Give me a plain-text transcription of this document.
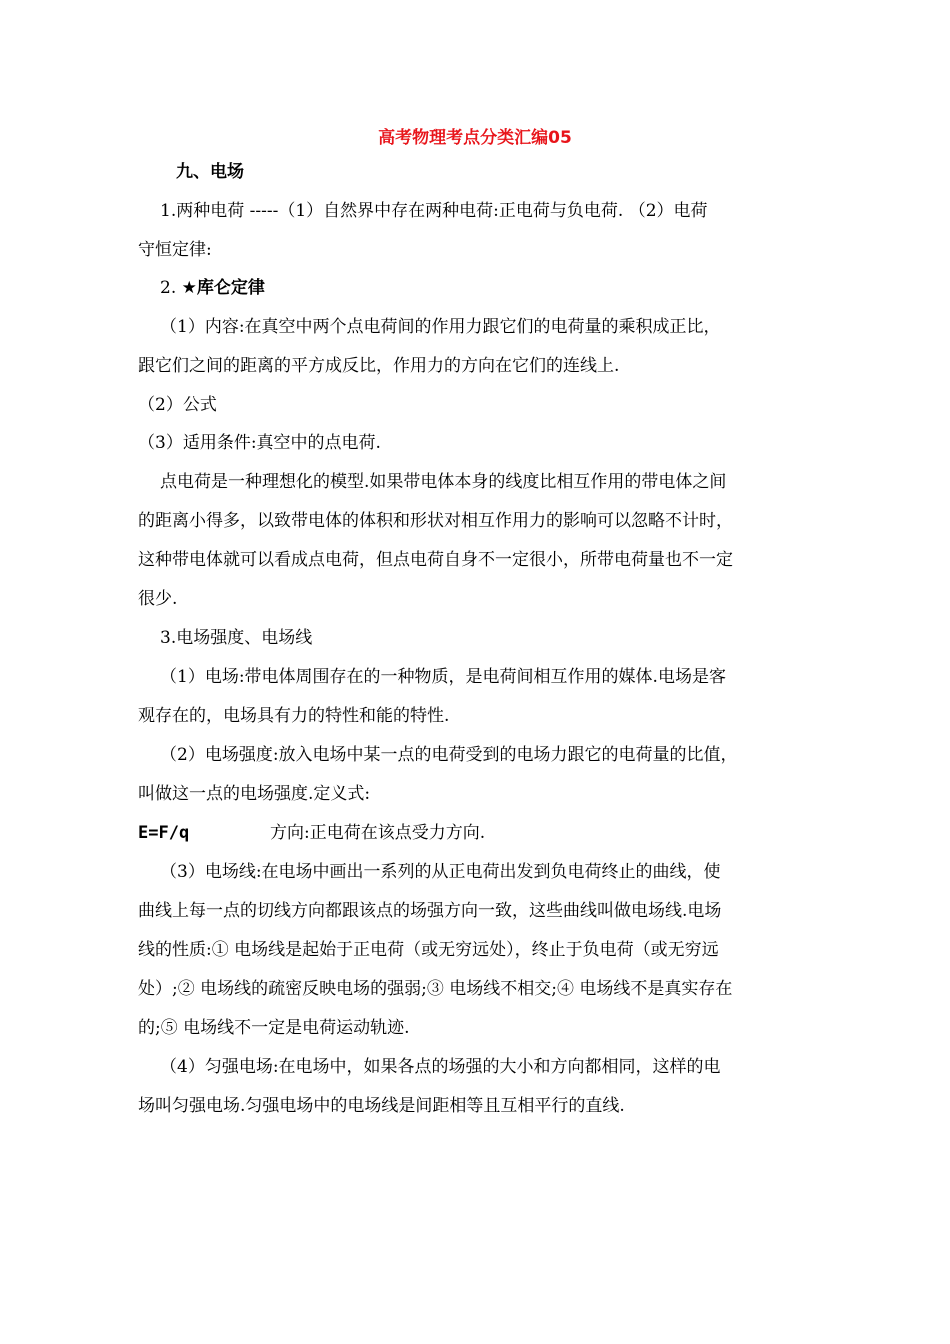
高考物理考点分类汇编05
九、电场
1.两种电荷 -----（1）自然界中存在两种电荷:正电荷与负电荷. （2）电荷
守恒定律:
2. ★库仑定律
（1）内容:在真空中两个点电荷间的作用力跟它们的电荷量的乘积成正比，
跟它们之间的距离的平方成反比，作用力的方向在它们的连线上.
（2）公式
（3）适用条件:真空中的点电荷.
点电荷是一种理想化的模型.如果带电体本身的线度比相互作用的带电体之间
的距离小得多，以致带电体的体积和形状对相互作用力的影响可以忽略不计时，
这种带电体就可以看成点电荷，但点电荷自身不一定很小，所带电荷量也不一定
很少.
3.电场强度、电场线
（1）电场:带电体周围存在的一种物质，是电荷间相互作用的媒体.电场是客
观存在的，电场具有力的特性和能的特性.
（2）电场强度:放入电场中某一点的电荷受到的电场力跟它的电荷量的比值，
叫做这一点的电场强度.定义式:
E=F/q	方向:正电荷在该点受力方向.
（3）电场线:在电场中画出一系列的从正电荷出发到负电荷终止的曲线，使
曲线上每一点的切线方向都跟该点的场强方向一致，这些曲线叫做电场线.电场
线的性质:① 电场线是起始于正电荷（或无穷远处），终止于负电荷（或无穷远
处）;② 电场线的疏密反映电场的强弱;③ 电场线不相交;④ 电场线不是真实存在
的;⑤ 电场线不一定是电荷运动轨迹.
（4）匀强电场:在电场中，如果各点的场强的大小和方向都相同，这样的电
场叫匀强电场.匀强电场中的电场线是间距相等且互相平行的直线.
